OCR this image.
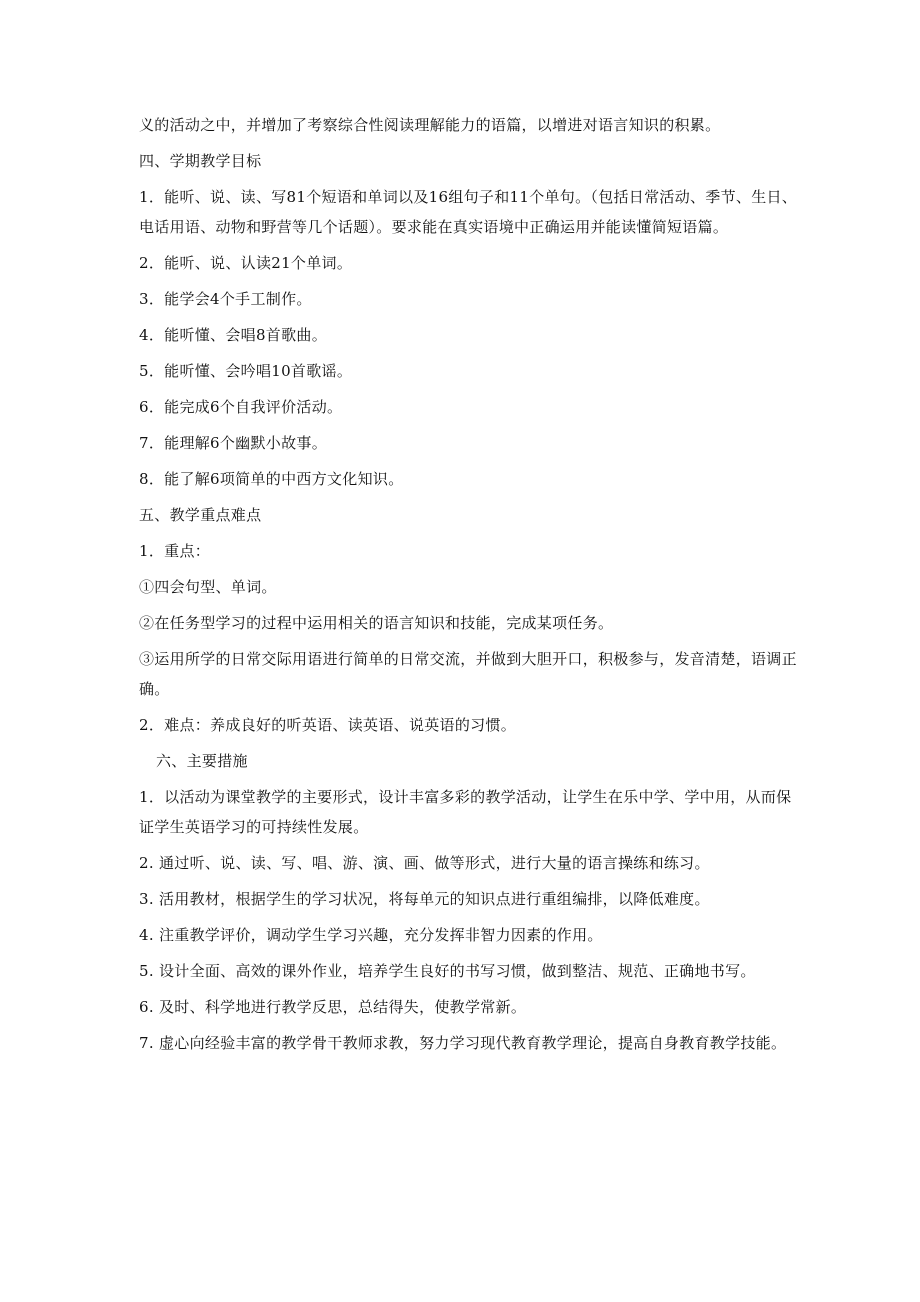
义的活动之中，并增加了考察综合性阅读理解能力的语篇，以增进对语言知识的积累。

四、学期教学目标

1．能听、说、读、写81个短语和单词以及16组句子和11个单句。（包括日常活动、季节、生日、电话用语、动物和野营等几个话题）。要求能在真实语境中正确运用并能读懂简短语篇。

2．能听、说、认读21个单词。

3．能学会4个手工制作。

4．能听懂、会唱8首歌曲。

5．能听懂、会吟唱10首歌谣。

6．能完成6个自我评价活动。

7．能理解6个幽默小故事。

8．能了解6项简单的中西方文化知识。

五、教学重点难点

1．重点：

①四会句型、单词。

②在任务型学习的过程中运用相关的语言知识和技能，完成某项任务。

③运用所学的日常交际用语进行简单的日常交流，并做到大胆开口，积极参与，发音清楚，语调正确。

2．难点：养成良好的听英语、读英语、说英语的习惯。

六、主要措施

1．以活动为课堂教学的主要形式，设计丰富多彩的教学活动，让学生在乐中学、学中用，从而保证学生英语学习的可持续性发展。

2. 通过听、说、读、写、唱、游、演、画、做等形式，进行大量的语言操练和练习。

3. 活用教材，根据学生的学习状况，将每单元的知识点进行重组编排，以降低难度。

4. 注重教学评价，调动学生学习兴趣，充分发挥非智力因素的作用。

5. 设计全面、高效的课外作业，培养学生良好的书写习惯，做到整洁、规范、正确地书写。

6. 及时、科学地进行教学反思，总结得失，使教学常新。

7. 虚心向经验丰富的教学骨干教师求教，努力学习现代教育教学理论，提高自身教育教学技能。
